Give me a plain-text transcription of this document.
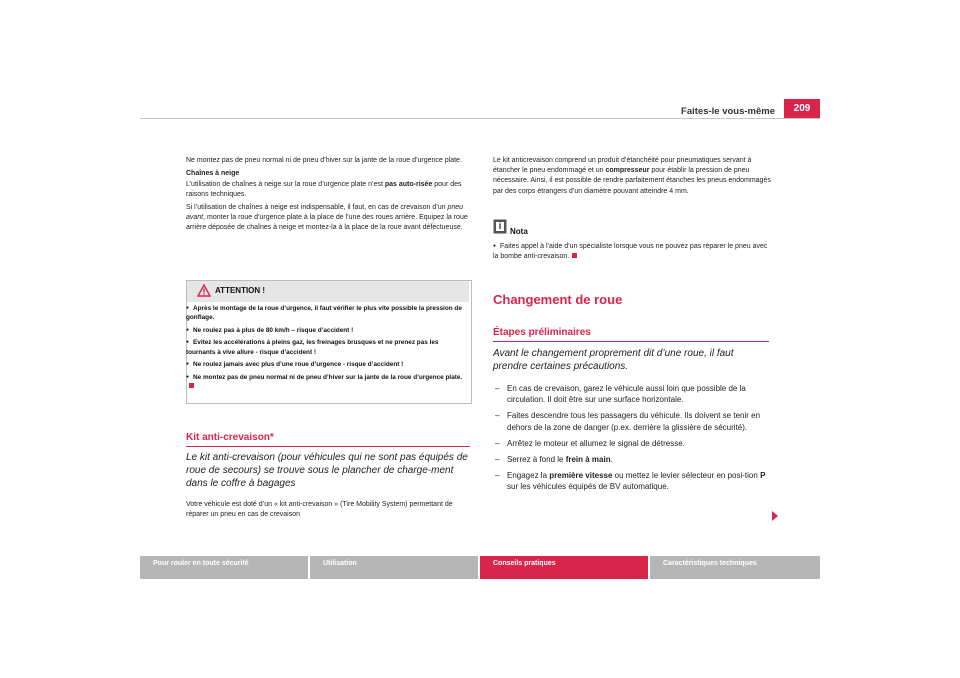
Faites-le vous-même	209

Ne montez pas de pneu normal ni de pneu d’hiver sur la jante de la roue d’urgence plate.

Chaînes à neige

L’utilisation de chaînes à neige sur la roue d’urgence plate n’est pas auto-risée pour des raisons techniques.

Si l’utilisation de chaînes à neige est indispensable, il faut, en cas de crevaison d’un pneu avant, monter la roue d’urgence plate à la place de l’une des roues arrière. Equipez la roue arrière déposée de chaînes à neige et montez-la à la place de la roue avant défectueuse.

ATTENTION !
● Après le montage de la roue d’urgence, il faut vérifier le plus vite possible la pression de gonflage.
● Ne roulez pas à plus de 80 km/h – risque d’accident !
● Evitez les accélérations à pleins gaz, les freinages brusques et ne prenez pas les tournants à vive allure - risque d’accident !
● Ne roulez jamais avec plus d’une roue d’urgence - risque d’accident !
● Ne montez pas de pneu normal ni de pneu d’hiver sur la jante de la roue d’urgence plate.
Kit anti-crevaison*
Le kit anti-crevaison (pour véhicules qui ne sont pas équipés de roue de secours) se trouve sous le plancher de charge-ment dans le coffre à bagages
Votre véhicule est doté d’un « kit anti-crevaison » (Tire Mobility System) permettant de réparer un pneu en cas de crevaison
Le kit anticrevaison comprend un produit d’étanchéité pour pneumatiques servant à étancher le pneu endommagé et un compresseur pour établir la pression de pneu nécessaire. Ainsi, il est possible de rendre parfaitement étanches les pneus endommagés par des corps étrangers d’un diamètre pouvant atteindre 4 mm.
Nota
● Faites appel à l’aide d’un spécialiste lorsque vous ne pouvez pas réparer le pneu avec la bombe anti-crevaison.
Changement de roue
Étapes préliminaires
Avant le changement proprement dit d’une roue, il faut prendre certaines précautions.
– En cas de crevaison, garez le véhicule aussi loin que possible de la circulation. Il doit être sur une surface horizontale.
– Faites descendre tous les passagers du véhicule. Ils doivent se tenir en dehors de la zone de danger (p.ex. derrière la glissière de sécurité).
– Arrêtez le moteur et allumez le signal de détresse.
– Serrez à fond le frein à main.
– Engagez la première vitesse ou mettez le levier sélecteur en posi-tion P sur les véhicules équipés de BV automatique.
Pour rouler en toute sécurité	Utilisation	Conseils pratiques	Caractéristiques techniques
